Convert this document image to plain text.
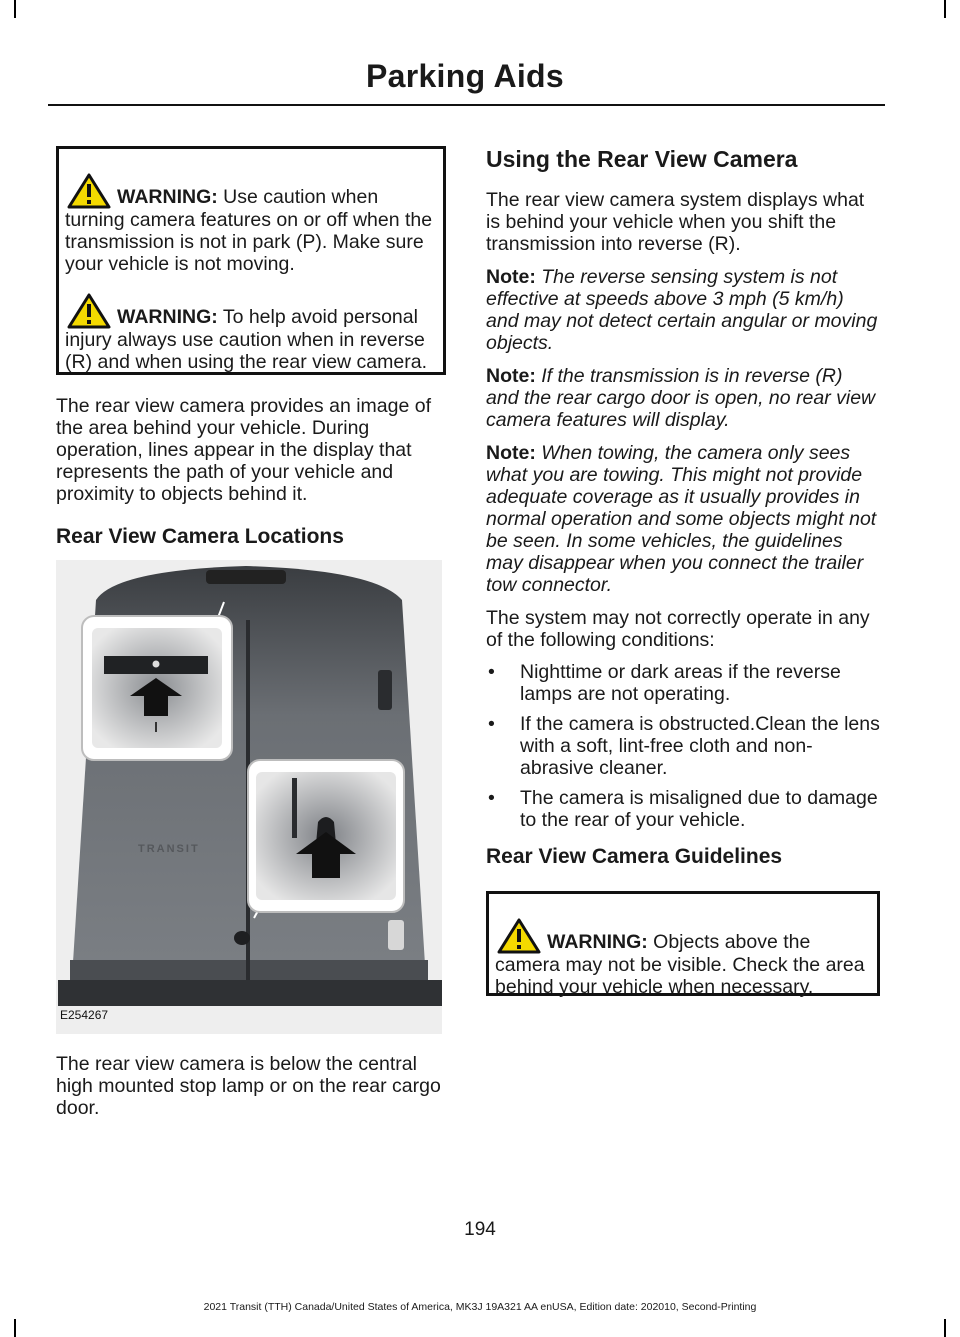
Parking Aids

WARNING: Use caution when turning camera features on or off when the transmission is not in park (P). Make sure your vehicle is not moving.

WARNING: To help avoid personal injury always use caution when in reverse (R) and when using the rear view camera.

The rear view camera provides an image of the area behind your vehicle. During operation, lines appear in the display that represents the path of your vehicle and proximity to objects behind it.

Rear View Camera Locations
TRANSIT
E254267

The rear view camera is below the central high mounted stop lamp or on the rear cargo door.

Using the Rear View Camera

The rear view camera system displays what is behind your vehicle when you shift the transmission into reverse (R).

Note: The reverse sensing system is not effective at speeds above 3 mph (5 km/h) and may not detect certain angular or moving objects.

Note: If the transmission is in reverse (R) and the rear cargo door is open, no rear view camera features will display.

Note: When towing, the camera only sees what you are towing. This might not provide adequate coverage as it usually provides in normal operation and some objects might not be seen. In some vehicles, the guidelines may disappear when you connect the trailer tow connector.

The system may not correctly operate in any of the following conditions:

• Nighttime or dark areas if the reverse lamps are not operating.
• If the camera is obstructed.Clean the lens with a soft, lint-free cloth and non-abrasive cleaner.
• The camera is misaligned due to damage to the rear of your vehicle.
Rear View Camera Guidelines

WARNING: Objects above the camera may not be visible. Check the area behind your vehicle when necessary.

194
2021 Transit (TTH) Canada/United States of America, MK3J 19A321 AA enUSA, Edition date: 202010, Second-Printing
